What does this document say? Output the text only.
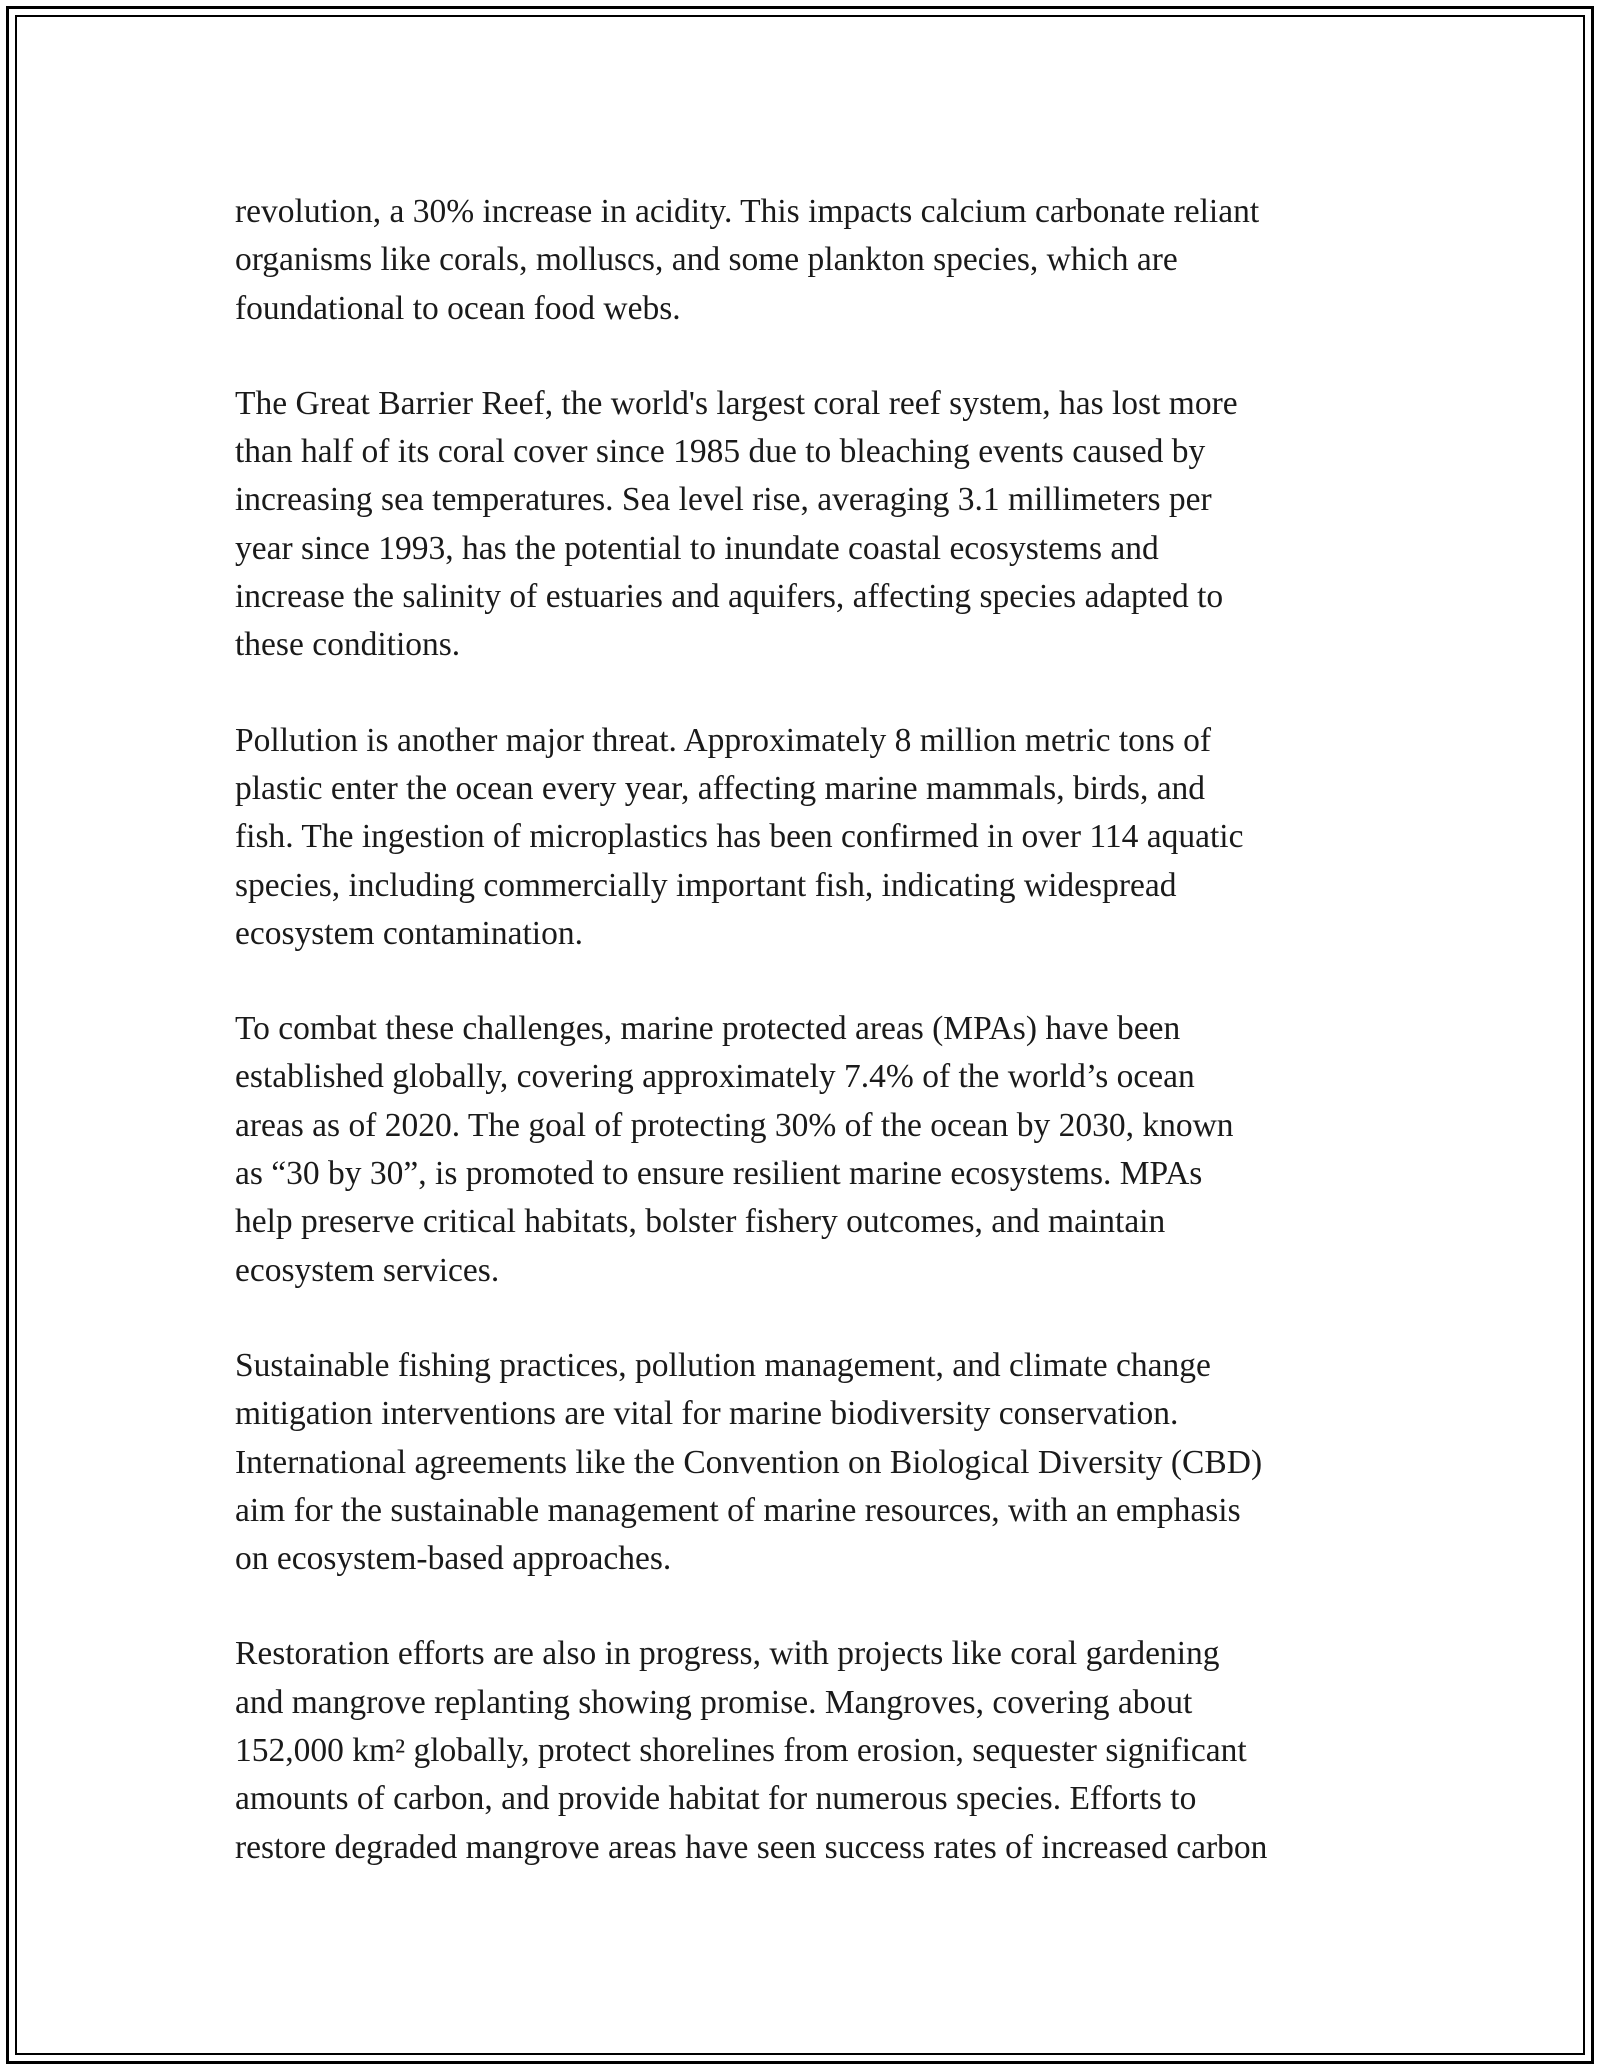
revolution, a 30% increase in acidity. This impacts calcium carbonate reliant
organisms like corals, molluscs, and some plankton species, which are
foundational to ocean food webs.

The Great Barrier Reef, the world's largest coral reef system, has lost more
than half of its coral cover since 1985 due to bleaching events caused by
increasing sea temperatures. Sea level rise, averaging 3.1 millimeters per
year since 1993, has the potential to inundate coastal ecosystems and
increase the salinity of estuaries and aquifers, affecting species adapted to
these conditions.

Pollution is another major threat. Approximately 8 million metric tons of
plastic enter the ocean every year, affecting marine mammals, birds, and
fish. The ingestion of microplastics has been confirmed in over 114 aquatic
species, including commercially important fish, indicating widespread
ecosystem contamination.

To combat these challenges, marine protected areas (MPAs) have been
established globally, covering approximately 7.4% of the world’s ocean
areas as of 2020. The goal of protecting 30% of the ocean by 2030, known
as “30 by 30”, is promoted to ensure resilient marine ecosystems. MPAs
help preserve critical habitats, bolster fishery outcomes, and maintain
ecosystem services.

Sustainable fishing practices, pollution management, and climate change
mitigation interventions are vital for marine biodiversity conservation.
International agreements like the Convention on Biological Diversity (CBD)
aim for the sustainable management of marine resources, with an emphasis
on ecosystem-based approaches.

Restoration efforts are also in progress, with projects like coral gardening
and mangrove replanting showing promise. Mangroves, covering about
152,000 km² globally, protect shorelines from erosion, sequester significant
amounts of carbon, and provide habitat for numerous species. Efforts to
restore degraded mangrove areas have seen success rates of increased carbon
